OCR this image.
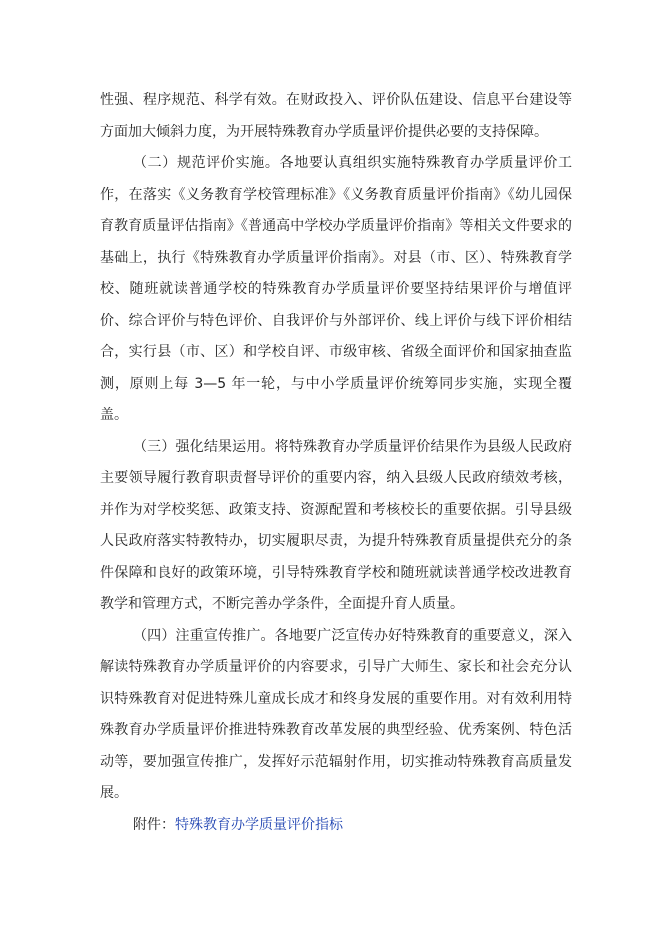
性强、程序规范、科学有效。在财政投入、评价队伍建设、信息平台建设等方面加大倾斜力度，为开展特殊教育办学质量评价提供必要的支持保障。

（二）规范评价实施。各地要认真组织实施特殊教育办学质量评价工作，在落实《义务教育学校管理标准》《义务教育质量评价指南》《幼儿园保育教育质量评估指南》《普通高中学校办学质量评价指南》等相关文件要求的基础上，执行《特殊教育办学质量评价指南》。对县（市、区）、特殊教育学校、随班就读普通学校的特殊教育办学质量评价要坚持结果评价与增值评价、综合评价与特色评价、自我评价与外部评价、线上评价与线下评价相结合，实行县（市、区）和学校自评、市级审核、省级全面评价和国家抽查监测，原则上每 3—5 年一轮，与中小学质量评价统筹同步实施，实现全覆盖。

（三）强化结果运用。将特殊教育办学质量评价结果作为县级人民政府主要领导履行教育职责督导评价的重要内容，纳入县级人民政府绩效考核，并作为对学校奖惩、政策支持、资源配置和考核校长的重要依据。引导县级人民政府落实特教特办，切实履职尽责，为提升特殊教育质量提供充分的条件保障和良好的政策环境，引导特殊教育学校和随班就读普通学校改进教育教学和管理方式，不断完善办学条件，全面提升育人质量。

（四）注重宣传推广。各地要广泛宣传办好特殊教育的重要意义，深入解读特殊教育办学质量评价的内容要求，引导广大师生、家长和社会充分认识特殊教育对促进特殊儿童成长成才和终身发展的重要作用。对有效利用特殊教育办学质量评价推进特殊教育改革发展的典型经验、优秀案例、特色活动等，要加强宣传推广，发挥好示范辐射作用，切实推动特殊教育高质量发展。

附件：特殊教育办学质量评价指标
